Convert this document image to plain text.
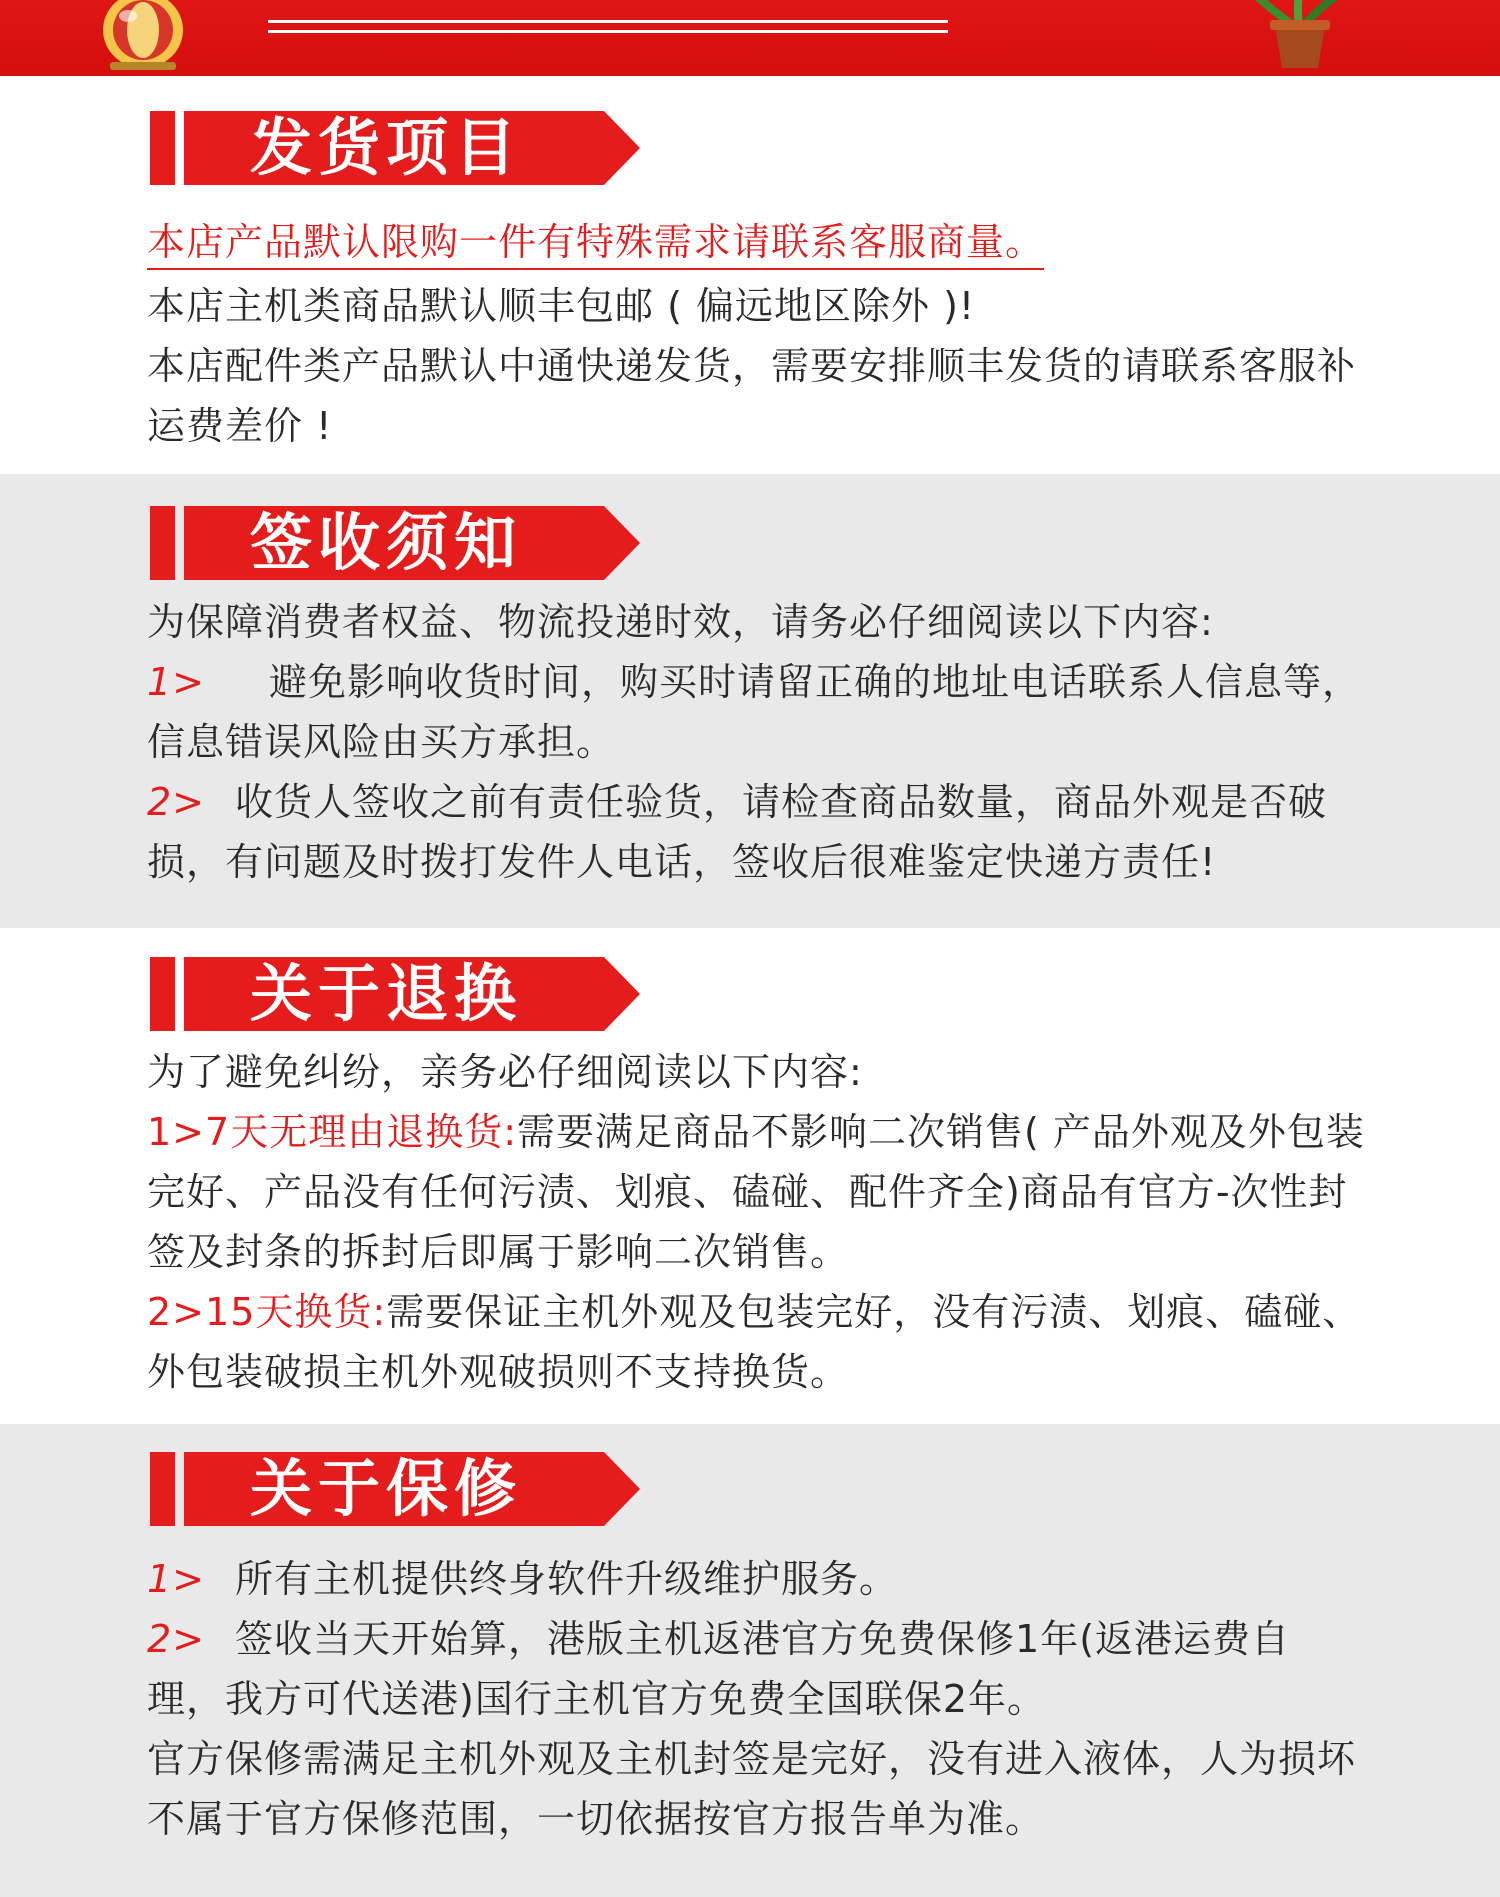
发货项目

本店产品默认限购一件有特殊需求请联系客服商量。

本店主机类商品默认顺丰包邮 ( 偏远地区除外 )!

本店配件类产品默认中通快递发货，需要安排顺丰发货的请联系客服补运费差价 !

签收须知

为保障消费者权益、物流投递时效，请务必仔细阅读以下内容:

1> 避免影响收货时间，购买时请留正确的地址电话联系人信息等，信息错误风险由买方承担。

2> 收货人签收之前有责任验货，请检查商品数量，商品外观是否破损，有问题及时拨打发件人电话，签收后很难鉴定快递方责任!

关于退换

为了避免纠纷，亲务必仔细阅读以下内容:

1>7天无理由退换货:需要满足商品不影响二次销售( 产品外观及外包装完好、产品没有任何污渍、划痕、磕碰、配件齐全)商品有官方-次性封签及封条的拆封后即属于影响二次销售。

2>15天换货:需要保证主机外观及包装完好，没有污渍、划痕、磕碰、外包装破损主机外观破损则不支持换货。

关于保修

1> 所有主机提供终身软件升级维护服务。

2> 签收当天开始算，港版主机返港官方免费保修1年(返港运费自理，我方可代送港)国行主机官方免费全国联保2年。

官方保修需满足主机外观及主机封签是完好，没有进入液体，人为损坏不属于官方保修范围，一切依据按官方报告单为准。
